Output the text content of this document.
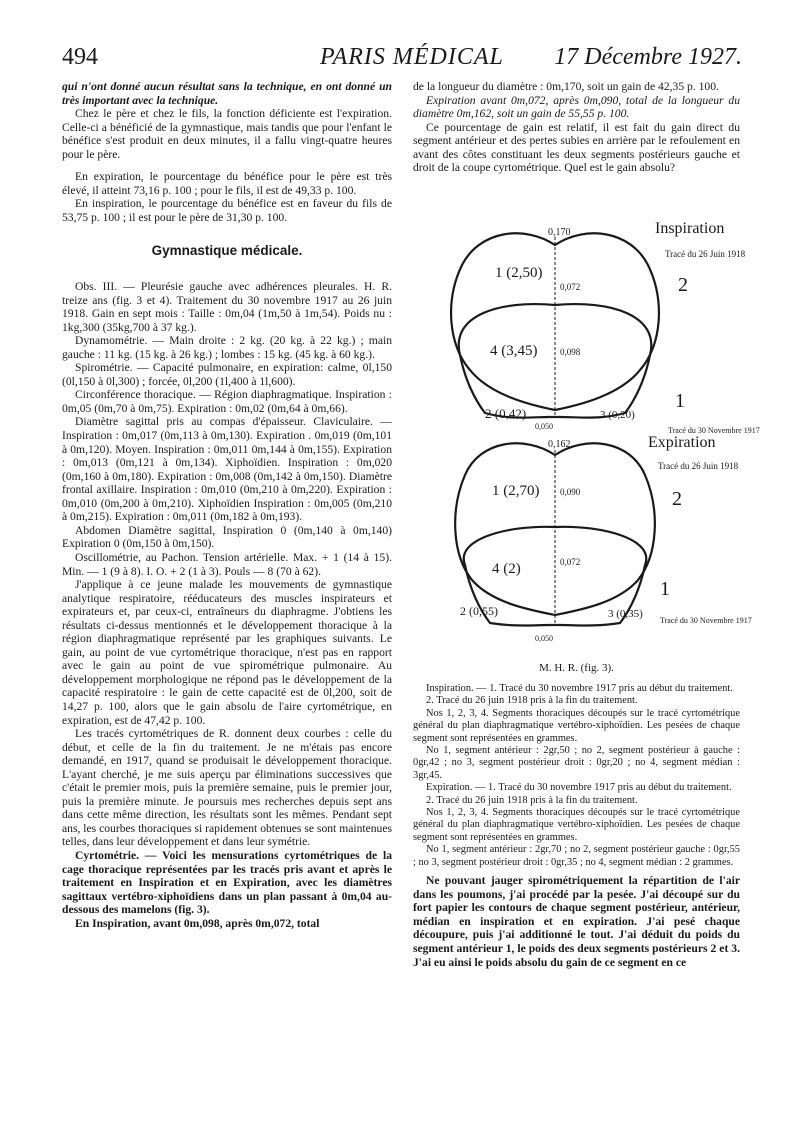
494	PARIS MÉDICAL 17 Décembre 1927.

qui n'ont donné aucun résultat sans la technique, en ont donné un très important avec la technique.

Chez le père et chez le fils, la fonction déficiente est l'expiration. Celle-ci a bénéficié de la gymnastique, mais tandis que pour l'enfant le bénéfice s'est produit en deux minutes, il a fallu vingt-quatre heures pour le père.

En expiration, le pourcentage du bénéfice pour le père est très élevé, il atteint 73,16 p. 100 ; pour le fils, il est de 49,33 p. 100.

En inspiration, le pourcentage du bénéfice est en faveur du fils de 53,75 p. 100 ; il est pour le père de 31,30 p. 100.

Gymnastique médicale.

Obs. III. — Pleurésie gauche avec adhérences pleurales. H. R. treize ans (fig. 3 et 4). Traitement du 30 novembre 1917 au 26 juin 1918. Gain en sept mois : Taille : 0m,04 (1m,50 à 1m,54). Poids nu : 1kg,300 (35kg,700 à 37 kg.).

Dynamométrie. — Main droite : 2 kg. (20 kg. à 22 kg.) ; main gauche : 11 kg. (15 kg. à 26 kg.) ; lombes : 15 kg. (45 kg. à 60 kg.).

Spirométrie. — Capacité pulmonaire, en expiration: calme, 0l,150 (0l,150 à 0l,300) ; forcée, 0l,200 (1l,400 à 1l,600).

Circonférence thoracique. — Région diaphragmatique. Inspiration : 0m,05 (0m,70 à 0m,75). Expiration : 0m,02 (0m,64 à 0m,66).

Diamètre sagittal pris au compas d'épaisseur. Claviculaire. — Inspiration : 0m,017 (0m,113 à 0m,130). Expiration . 0m,019 (0m,101 à 0m,120). Moyen. Inspiration : 0m,011 0m,144 à 0m,155). Expiration : 0m,013 (0m,121 à 0m,134). Xiphoïdien. Inspiration : 0m,020 (0m,160 à 0m,180). Expiration : 0m,008 (0m,142 à 0m,150). Diamètre frontal axillaire. Inspiration : 0m,010 (0m,210 à 0m,220). Expiration : 0m,010 (0m,200 à 0m,210). Xiphoïdien Inspiration : 0m,005 (0m,210 à 0m,215). Expiration : 0m,011 (0m,182 à 0m,193).

Abdomen Diamètre sagittal, Inspiration 0 (0m,140 à 0m,140) Expiration 0 (0m,150 à 0m,150).

Oscillométrie, au Pachon. Tension artérielle. Max. + 1 (14 à 15). Min. — 1 (9 à 8). I. O. + 2 (1 à 3). Pouls — 8 (70 à 62).

J'applique à ce jeune malade les mouvements de gymnastique analytique respiratoire, rééducateurs des muscles inspirateurs et expirateurs et, par ceux-ci, entraîneurs du diaphragme. J'obtiens les résultats ci-dessus mentionnés et le développement thoracique à la région diaphragmatique représenté par les graphiques suivants. Le gain, au point de vue cyrtométrique thoracique, n'est pas en rapport avec le gain au point de vue spirométrique pulmonaire. Au développement morphologique ne répond pas le développement de la capacité respiratoire : le gain de cette capacité est de 0l,200, soit de 14,27 p. 100, alors que le gain absolu de l'aire cyrtométrique, en expiration, est de 47,42 p. 100.

Les tracés cyrtométriques de R. donnent deux courbes : celle du début, et celle de la fin du traitement. Je ne m'étais pas encore demandé, en 1917, quand se produisait le développement thoracique. L'ayant cherché, je me suis aperçu par éliminations successives que c'était le premier mois, puis la première semaine, puis le premier jour, puis la première minute. Je poursuis mes recherches depuis sept ans dans cette même direction, les résultats sont les mêmes. Pendant sept ans, les courbes thoraciques si rapidement obtenues se sont maintenues telles, dans leur développement et dans leur symétrie.

Cyrtométrie. — Voici les mensurations cyrtométriques de la cage thoracique représentées par les tracés pris avant et après le traitement en Inspiration et en Expiration, avec les diamètres sagittaux vertébro-xiphoïdiens dans un plan passant à 0m,04 au-dessous des mamelons (fig. 3).

En Inspiration, avant 0m,098, après 0m,072, total

de la longueur du diamètre : 0m,170, soit un gain de 42,35 p. 100.

Expiration avant 0m,072, après 0m,090, total de la longueur du diamètre 0m,162, soit un gain de 55,55 p. 100.

Ce pourcentage de gain est relatif, il est fait du gain direct du segment antérieur et des pertes subies en arrière par le refoulement en avant des côtes constituant les deux segments postérieurs gauche et droit de la coupe cyrtométrique. Quel est le gain absolu?

Inspiration
Tracé du 26 Juin 1918
0,170
0,072
0,098
1 (2,50)
4 (3,45)
2 (0,42)	3 (0,20)
2
1
Tracé du 30 Novembre 1917
0,050
Expiration
Tracé du 26 Juin 1918
0,162
0,090
0,072
1 (2,70)
4 (2)
2 (0,55)	3 (0,35)
2
1
Tracé du 30 Novembre 1917
0,050
M. H. R. (fig. 3).

Inspiration. — 1. Tracé du 30 novembre 1917 pris au début du traitement.

2. Tracé du 26 juin 1918 pris à la fin du traitement.

Nos 1, 2, 3, 4. Segments thoraciques découpés sur le tracé cyrtométrique général du plan diaphragmatique vertébro-xiphoïdien. Les pesées de chaque segment sont représentées en grammes.

No 1, segment antérieur : 2gr,50 ; no 2, segment postérieur à gauche : 0gr,42 ; no 3, segment postérieur droit : 0gr,20 ; no 4, segment médian : 3gr,45.

Expiration. — 1. Tracé du 30 novembre 1917 pris au début du traitement.

2. Tracé du 26 juin 1918 pris à la fin du traitement.

Nos 1, 2, 3, 4. Segments thoraciques découpés sur le tracé cyrtométrique général du plan diaphragmatique vertébro-xiphoïdien. Les pesées de chaque segment sont représentées en grammes.

No 1, segment antérieur : 2gr,70 ; no 2, segment postérieur gauche : 0gr,55 ; no 3, segment postérieur droit : 0gr,35 ; no 4, segment médian : 2 grammes.

Ne pouvant jauger spirométriquement la répartition de l'air dans les poumons, j'ai procédé par la pesée. J'ai découpé sur du fort papier les contours de chaque segment postérieur, antérieur, médian en inspiration et en expiration. J'ai pesé chaque découpure, puis j'ai additionné le tout. J'ai déduit du poids du segment antérieur 1, le poids des deux segments postérieurs 2 et 3. J'ai eu ainsi le poids absolu du gain de ce segment en ce
